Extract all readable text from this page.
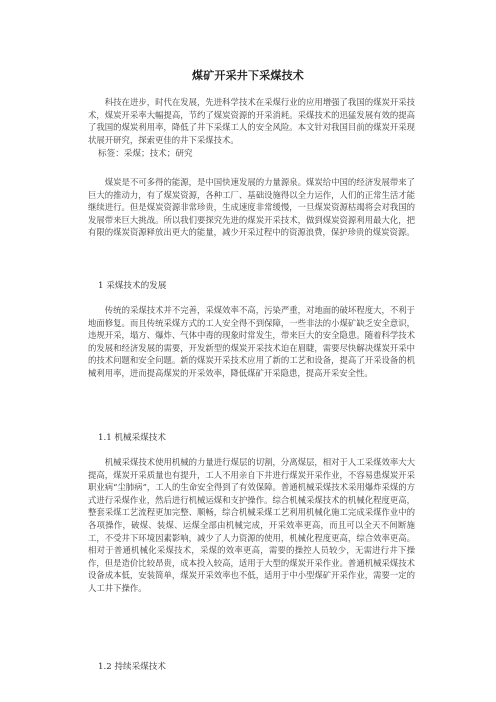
煤矿开采井下采煤技术

科技在进步，时代在发展，先进科学技术在采煤行业的应用增强了我国的煤炭开采技术，煤炭开采率大幅提高，节约了煤炭资源的开采消耗。采煤技术的迅猛发展有效的提高了我国的煤炭利用率，降低了井下采煤工人的安全风险。本文针对我国目前的煤炭开采现状展开研究，探索更佳的井下采煤技术。

标签：采煤；技术；研究

煤炭是不可多得的能源，是中国快速发展的力量源泉。煤炭给中国的经济发展带来了巨大的推动力，有了煤炭资源，各种工厂、基础设施得以全力运作，人们的正常生活才能继续进行。但是煤炭资源非常珍贵，生成速度非常缓慢，一旦煤炭资源枯竭将会对我国的发展带来巨大挑战。所以我们要探究先进的煤炭开采技术，做到煤炭资源利用最大化，把有限的煤炭资源释放出更大的能量，减少开采过程中的资源浪费，保护珍贵的煤炭资源。

1 采煤技术的发展

传统的采煤技术并不完善，采煤效率不高，污染严重，对地面的破坏程度大，不利于地面修复。而且传统采煤方式的工人安全得不到保障，一些非法的小煤矿缺乏安全意识，违规开采，塌方、爆炸、气体中毒的现象时常发生，带来巨大的安全隐患。随着科学技术的发展和经济发展的需要，开发新型的煤炭开采技术迫在眉睫，需要尽快解决煤炭开采中的技术问题和安全问题。新的煤炭开采技术应用了新的工艺和设备，提高了开采设备的机械利用率，进而提高煤炭的开采效率，降低煤矿开采隐患，提高开采安全性。

1.1 机械采煤技术

机械采煤技术使用机械的力量进行煤层的切割，分离煤层，相对于人工采煤效率大大提高，煤炭开采质量也有提升，工人不用亲自下井进行煤炭开采作业，不容易患煤炭开采职业病“尘肺病”，工人的生命安全得到了有效保障。普通机械采煤技术采用爆炸采煤的方式进行采煤作业，然后进行机械运煤和支护操作。综合机械采煤技术的机械化程度更高，整套采煤工艺流程更加完整、顺畅，综合机械采煤工艺利用机械化施工完成采煤作业中的各项操作，破煤、装煤、运煤全部由机械完成，开采效率更高，而且可以全天不间断施工，不受井下环境因素影响，减少了人力资源的使用，机械化程度更高，综合效率更高。相对于普通机械化采煤技术，采煤的效率更高，需要的操控人员较少，无需进行井下操作，但是造价比较昂贵，成本投入较高，适用于大型的煤炭开采作业。普通机械采煤技术设备成本低，安装简单，煤炭开采效率也不低，适用于中小型煤矿开采作业，需要一定的人工井下操作。

1.2 持续采煤技术
